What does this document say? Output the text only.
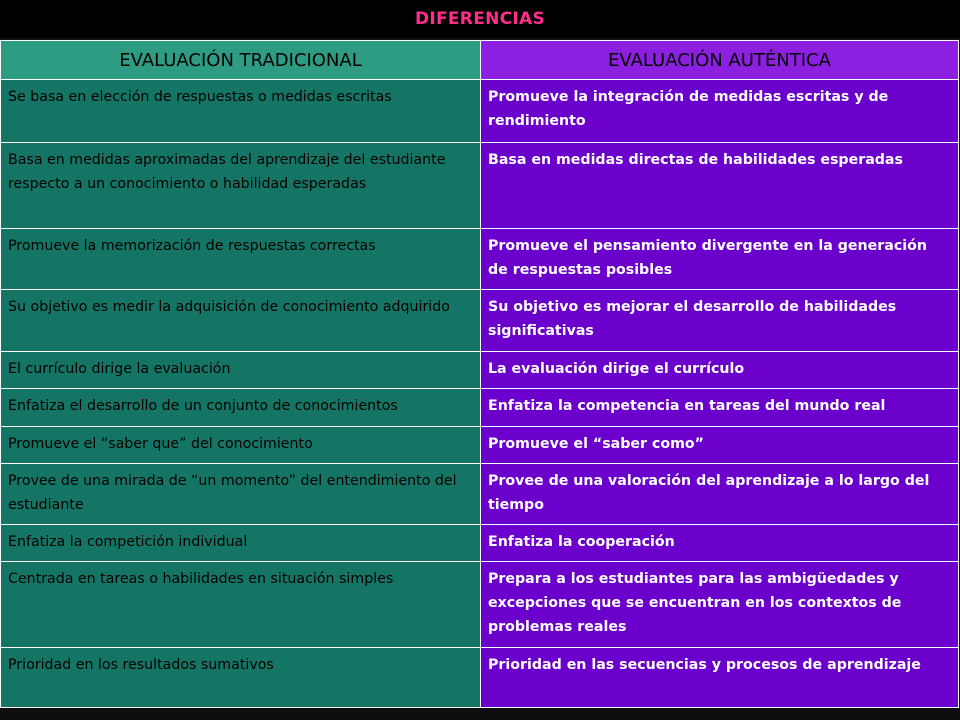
DIFERENCIAS
EVALUACIÓN TRADICIONAL	EVALUACIÓN AUTÉNTICA
Se basa en elección de respuestas o medidas escritas	Promueve la integración de medidas escritas y de rendimiento
Basa en medidas aproximadas del aprendizaje del estudiante respecto a un conocimiento o habilidad esperadas	Basa en medidas directas de habilidades esperadas
Promueve la memorización de respuestas correctas	Promueve el pensamiento divergente en la generación de respuestas posibles
Su objetivo es medir la adquisición de conocimiento adquirido	Su objetivo es mejorar el desarrollo de habilidades significativas
El currículo dirige la evaluación	La evaluación dirige el currículo
Enfatiza el desarrollo de un conjunto de conocimientos	Enfatiza la competencia en tareas del mundo real
Promueve el “saber que” del conocimiento	Promueve el “saber como”
Provee de una mirada de “un momento” del entendimiento del estudiante	Provee de una valoración del aprendizaje a lo largo del tiempo
Enfatiza la competición individual	Enfatiza la cooperación
Centrada en tareas o habilidades en situación simples	Prepara a los estudiantes para las ambigüedades y excepciones que se encuentran en los contextos de problemas reales
Prioridad en los resultados sumativos	Prioridad en las secuencias y procesos de aprendizaje
